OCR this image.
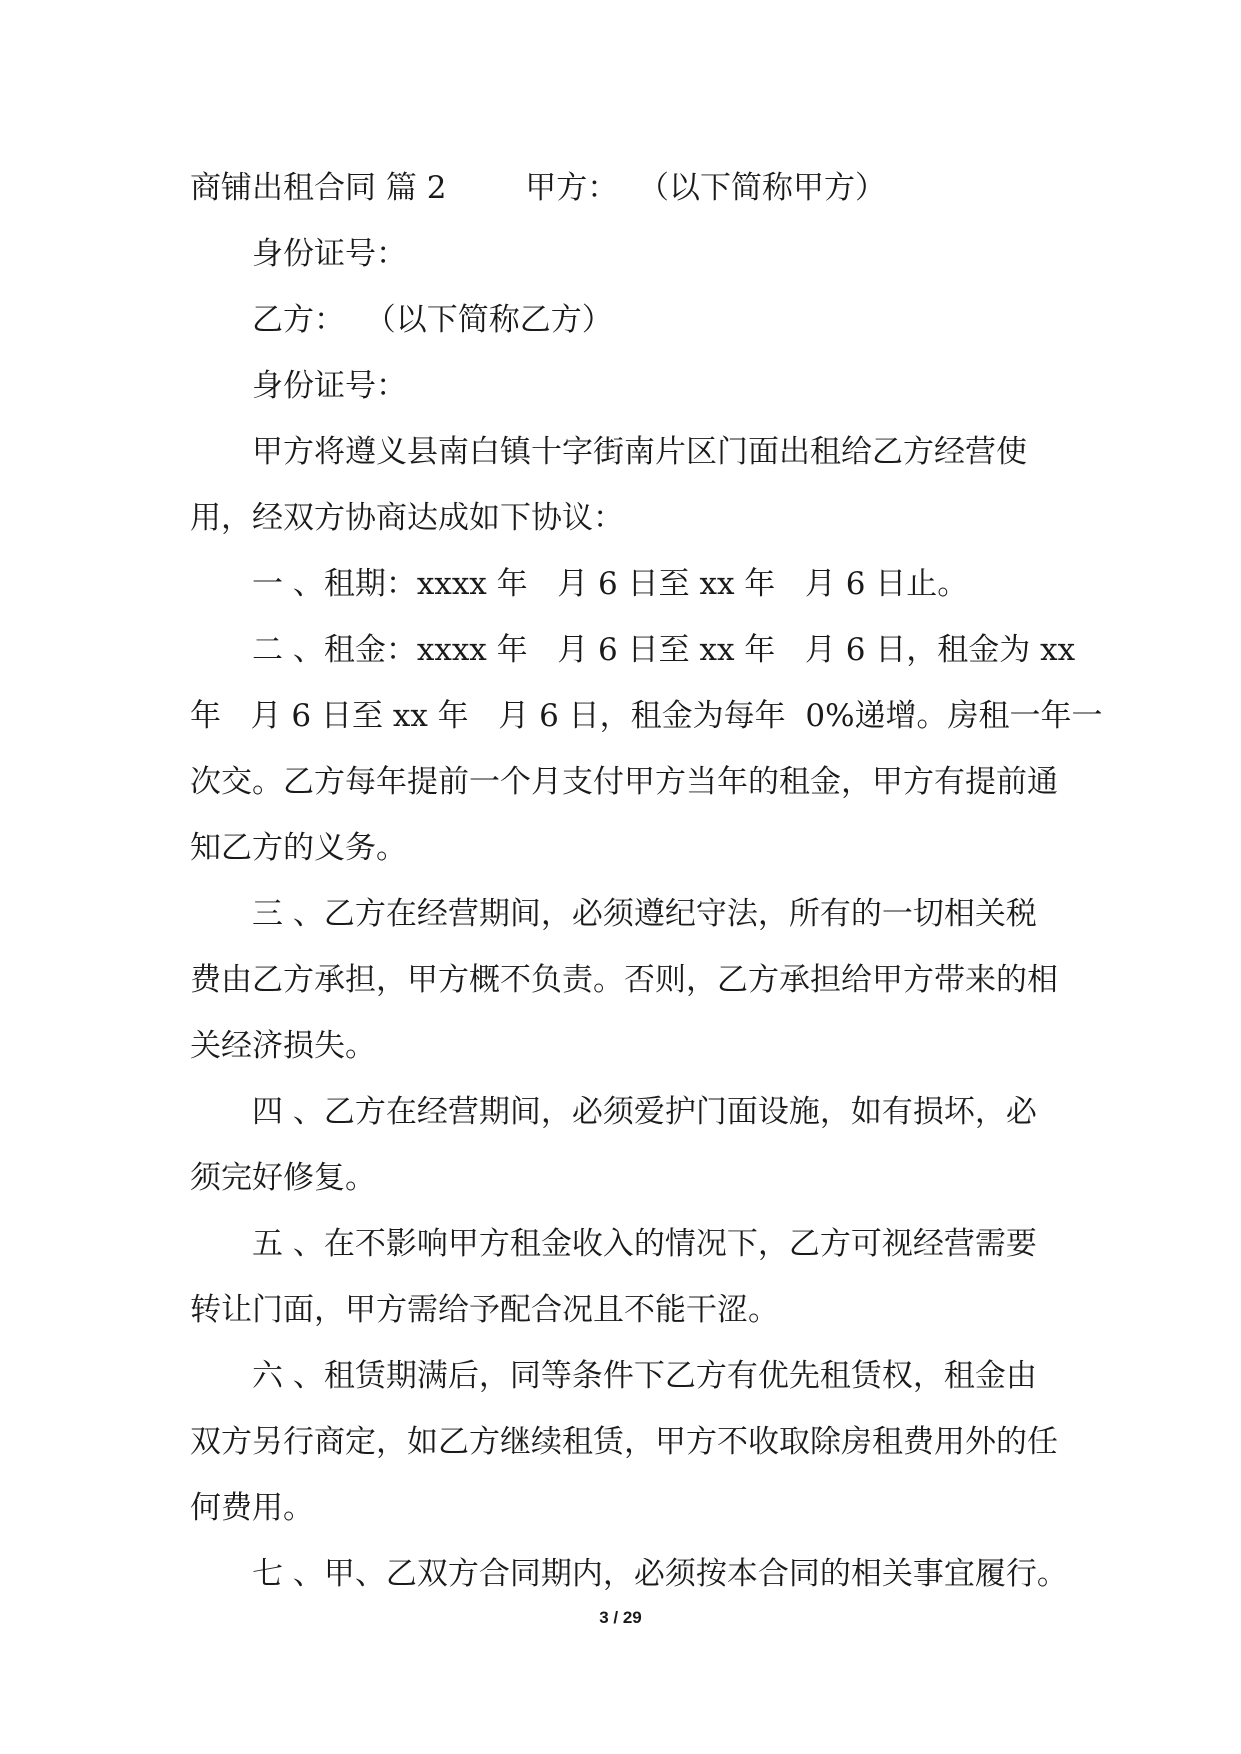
商铺出租合同 篇 2        甲方：  （以下简称甲方）

身份证号：

乙方：  （以下简称乙方）

身份证号：

甲方将遵义县南白镇十字街南片区门面出租给乙方经营使

用，经双方协商达成如下协议：

一 、租期：xxxx 年   月 6 日至 xx 年   月 6 日止。

二 、租金：xxxx 年   月 6 日至 xx 年   月 6 日，租金为 xx

年   月 6 日至 xx 年   月 6 日，租金为每年  0%递增。房租一年一

次交。乙方每年提前一个月支付甲方当年的租金，甲方有提前通

知乙方的义务。

三 、乙方在经营期间，必须遵纪守法，所有的一切相关税

费由乙方承担，甲方概不负责。否则，乙方承担给甲方带来的相

关经济损失。

四 、乙方在经营期间，必须爱护门面设施，如有损坏，必

须完好修复。

五 、在不影响甲方租金收入的情况下，乙方可视经营需要

转让门面，甲方需给予配合况且不能干涩。

六 、租赁期满后，同等条件下乙方有优先租赁权，租金由

双方另行商定，如乙方继续租赁，甲方不收取除房租费用外的任

何费用。

七 、甲、乙双方合同期内，必须按本合同的相关事宜履行。

3 / 29
